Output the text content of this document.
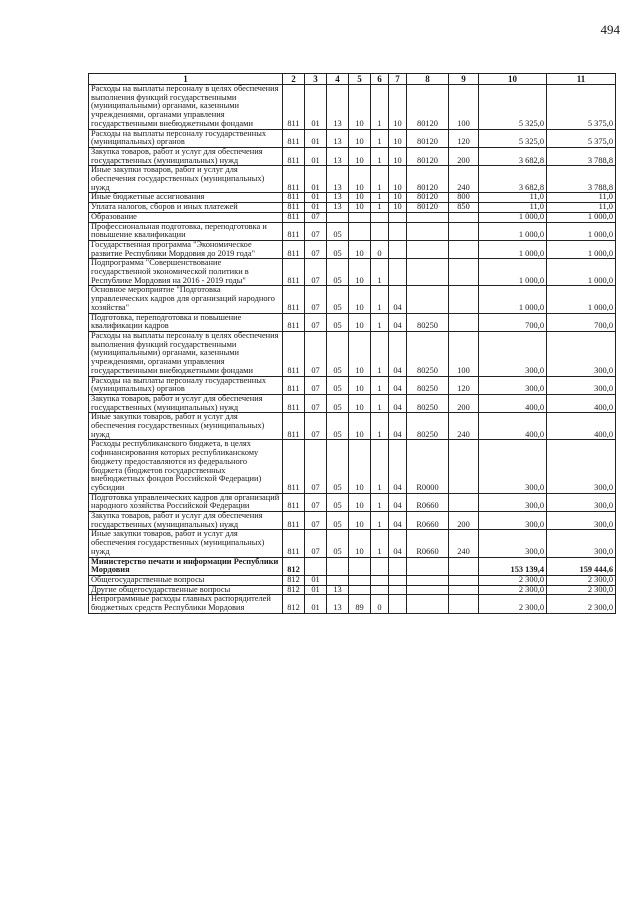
494
1	2	3	4	5	6	7	8	9	10	11
Расходы на выплаты персоналу в целях обеспечения выполнения функций государственными (муниципальными) органами, казенными учреждениями, органами управления государственными внебюджетными фондами	811	01	13	10	1	10	80120	100	5 325,0	5 375,0
Расходы на выплаты персоналу государственных (муниципальных) органов	811	01	13	10	1	10	80120	120	5 325,0	5 375,0
Закупка товаров, работ и услуг для обеспечения государственных (муниципальных) нужд	811	01	13	10	1	10	80120	200	3 682,8	3 788,8
Иные закупки товаров, работ и услуг для обеспечения государственных (муниципальных) нужд	811	01	13	10	1	10	80120	240	3 682,8	3 788,8
Иные бюджетные ассигнования	811	01	13	10	1	10	80120	800	11,0	11,0
Уплата налогов, сборов и иных платежей	811	01	13	10	1	10	80120	850	11,0	11,0
Образование	811	07							1 000,0	1 000,0
Профессиональная подготовка, переподготовка и повышение квалификации	811	07	05						1 000,0	1 000,0
Государственная программа "Экономическое развитие Республики Мордовия до 2019 года"	811	07	05	10	0				1 000,0	1 000,0
Подпрограмма "Совершенствование государственной экономической политики в Республике Мордовия на 2016 - 2019 годы"	811	07	05	10	1				1 000,0	1 000,0
Основное мероприятие "Подготовка управленческих кадров для организаций народного хозяйства"	811	07	05	10	1	04			1 000,0	1 000,0
Подготовка, переподготовка и повышение квалификации кадров	811	07	05	10	1	04	80250		700,0	700,0
Расходы на выплаты персоналу в целях обеспечения выполнения функций государственными (муниципальными) органами, казенными учреждениями, органами управления государственными внебюджетными фондами	811	07	05	10	1	04	80250	100	300,0	300,0
Расходы на выплаты персоналу государственных (муниципальных) органов	811	07	05	10	1	04	80250	120	300,0	300,0
Закупка товаров, работ и услуг для обеспечения государственных (муниципальных) нужд	811	07	05	10	1	04	80250	200	400,0	400,0
Иные закупки товаров, работ и услуг для обеспечения государственных (муниципальных) нужд	811	07	05	10	1	04	80250	240	400,0	400,0
Расходы республиканского бюджета, в целях софинансирования которых республиканскому бюджету предоставляются из федерального бюджета (бюджетов государственных внебюджетных фондов Российской Федерации) субсидии	811	07	05	10	1	04	R0000		300,0	300,0
Подготовка управленческих кадров для организаций народного хозяйства Российской Федерации	811	07	05	10	1	04	R0660		300,0	300,0
Закупка товаров, работ и услуг для обеспечения государственных (муниципальных) нужд	811	07	05	10	1	04	R0660	200	300,0	300,0
Иные закупки товаров, работ и услуг для обеспечения государственных (муниципальных) нужд	811	07	05	10	1	04	R0660	240	300,0	300,0
Министерство печати и информации Республики Мордовия	812								153 139,4	159 444,6
Общегосударственные вопросы	812	01							2 300,0	2 300,0
Другие общегосударственные вопросы	812	01	13						2 300,0	2 300,0
Непрограммные расходы главных распорядителей бюджетных средств Республики Мордовия	812	01	13	89	0				2 300,0	2 300,0
